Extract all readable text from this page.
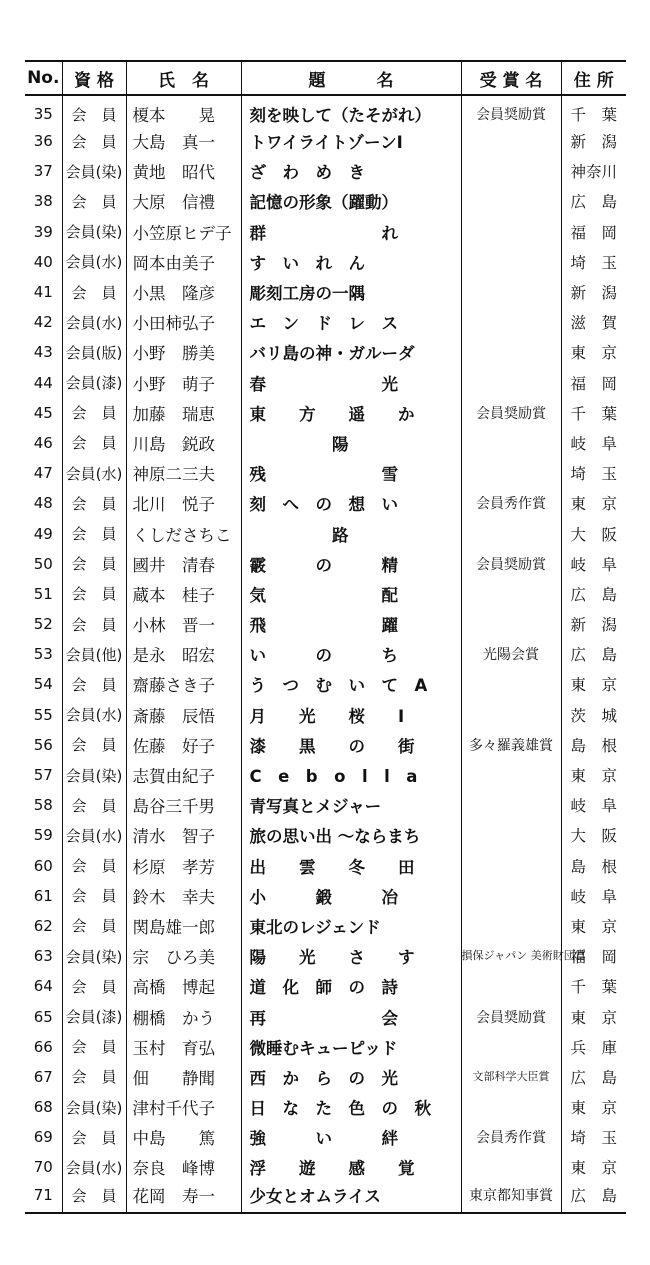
No.	資 格	氏　名	題　　　名	受 賞 名	住 所
35	会　員	榎本　　晃	刻を映して（たそがれ）	会員奨励賞	千　葉
36	会　員	大島　真一	トワイライトゾーンⅠ		新　潟
37	会員(染)	黄地　昭代	ざ　わ　め　き		神奈川
38	会　員	大原　信禮	記憶の形象（躍動）		広　島
39	会員(染)	小笠原ヒデ子	群　　　　　　　れ		福　岡
40	会員(水)	岡本由美子	す　い　れ　ん		埼　玉
41	会　員	小黒　隆彦	彫刻工房の一隅		新　潟
42	会員(水)	小田柿弘子	エ　ン　ド　レ　ス		滋　賀
43	会員(版)	小野　勝美	バリ島の神・ガルーダ		東　京
44	会員(漆)	小野　萌子	春　　　　　　　光		福　岡
45	会　員	加藤　瑞恵	東　　方　　遥　　か	会員奨励賞	千　葉
46	会　員	川島　鋭政	　　　　　陽		岐　阜
47	会員(水)	神原二三夫	残　　　　　　　雪		埼　玉
48	会　員	北川　悦子	刻　へ　の　想　い	会員秀作賞	東　京
49	会　員	くしださちこ	　　　　　路		大　阪
50	会　員	國井　清春	霰　　　の　　　精	会員奨励賞	岐　阜
51	会　員	蔵本　桂子	気　　　　　　　配		広　島
52	会　員	小林　晋一	飛　　　　　　　躍		新　潟
53	会員(他)	是永　昭宏	い　　　の　　　ち	光陽会賞	広　島
54	会　員	齋藤さき子	う　つ　む　い　て　A		東　京
55	会員(水)	斎藤　辰悟	月　　光　　桜　　Ⅰ		茨　城
56	会　員	佐藤　好子	漆　　黒　　の　　街	多々羅義雄賞	島　根
57	会員(染)	志賀由紀子	C　e　b　o　l　l　a		東　京
58	会　員	島谷三千男	青写真とメジャー		岐　阜
59	会員(水)	清水　智子	旅の思い出 ～ならまち		大　阪
60	会　員	杉原　孝芳	出　　雲　　冬　　田		島　根
61	会　員	鈴木　幸夫	小　　　鍛　　　冶		岐　阜
62	会　員	関島雄一郎	東北のレジェンド		東　京
63	会員(染)	宗　ひろ美	陽　　光　　さ　　す	損保ジャパン 美術財団賞	福　岡
64	会　員	高橋　博起	道　化　師　の　詩		千　葉
65	会員(漆)	棚橋　かう	再　　　　　　　会	会員奨励賞	東　京
66	会　員	玉村　育弘	微睡むキューピッド		兵　庫
67	会　員	佃　　静聞	西　か　ら　の　光	文部科学大臣賞	広　島
68	会員(染)	津村千代子	日　な　た　色　の　秋		東　京
69	会　員	中島　　篤	強　　　い　　　絆	会員秀作賞	埼　玉
70	会員(水)	奈良　峰博	浮　　遊　　感　　覚		東　京
71	会　員	花岡　寿一	少女とオムライス	東京都知事賞	広　島
